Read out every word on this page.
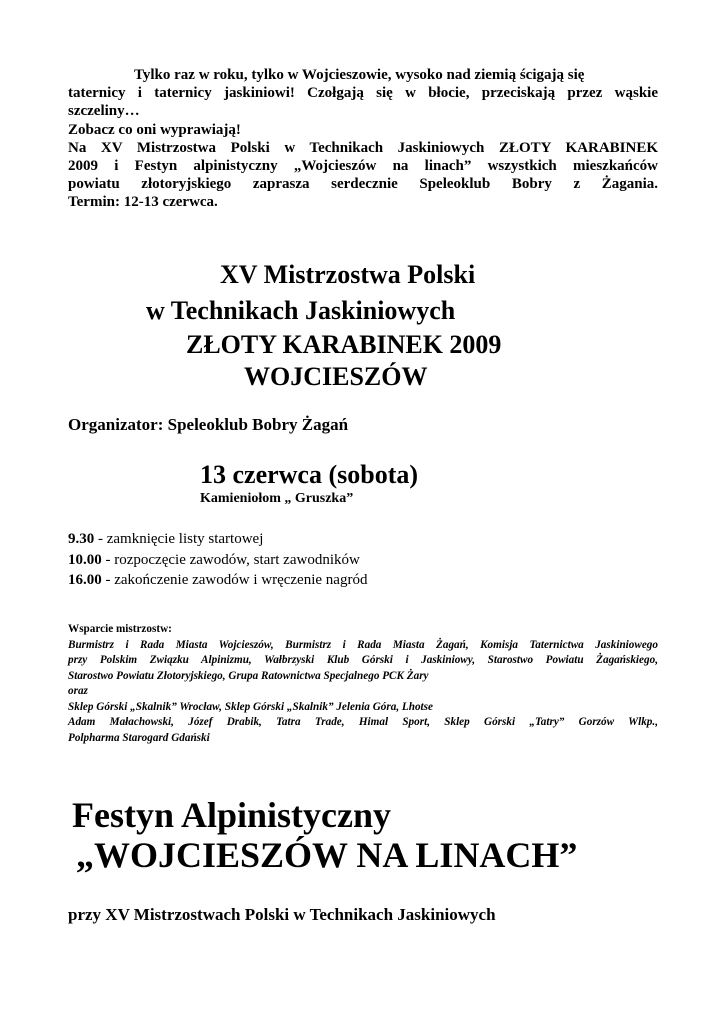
Tylko raz w roku, tylko w Wojcieszowie, wysoko nad ziemią ścigają się
taternicy i taternicy jaskiniowi! Czołgają się w błocie, przeciskają przez wąskie
szczeliny…
Zobacz co oni wyprawiają!
Na XV Mistrzostwa Polski w Technikach Jaskiniowych ZŁOTY KARABINEK
2009 i Festyn alpinistyczny „Wojcieszów na linach” wszystkich mieszkańców
powiatu złotoryjskiego zaprasza serdecznie Speleoklub Bobry z Żagania.
Termin: 12-13 czerwca.
XV Mistrzostwa Polski
w Technikach Jaskiniowych
ZŁOTY KARABINEK 2009
WOJCIESZÓW
Organizator: Speleoklub Bobry Żagań
13 czerwca (sobota)
Kamieniołom „ Gruszka”
9.30 - zamknięcie listy startowej
10.00 - rozpoczęcie zawodów, start zawodników
16.00 - zakończenie zawodów i wręczenie nagród
Wsparcie mistrzostw:
Burmistrz i Rada Miasta Wojcieszów, Burmistrz i Rada Miasta Żagań, Komisja Taternictwa Jaskiniowego
przy Polskim Związku Alpinizmu, Wałbrzyski Klub Górski i Jaskiniowy, Starostwo Powiatu Żagańskiego,
Starostwo Powiatu Złotoryjskiego, Grupa Ratownictwa Specjalnego PCK Żary
oraz
Sklep Górski „Skalnik” Wrocław, Sklep Górski „Skalnik” Jelenia Góra, Lhotse
Adam Małachowski, Józef Drabik, Tatra Trade, Himal Sport, Sklep Górski „Tatry” Gorzów Wlkp.,
Polpharma Starogard Gdański
Festyn Alpinistyczny
„WOJCIESZÓW NA LINACH”
przy XV Mistrzostwach Polski w Technikach Jaskiniowych
